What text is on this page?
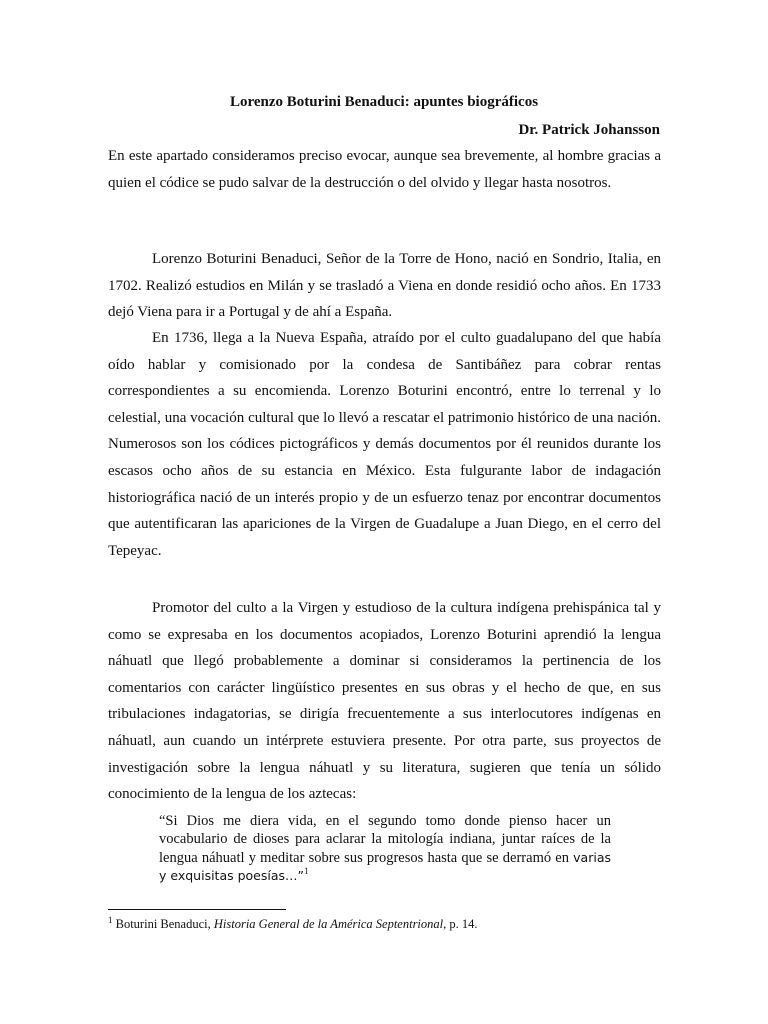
Lorenzo Boturini Benaduci: apuntes biográficos
Dr. Patrick Johansson
En este apartado consideramos preciso evocar, aunque sea brevemente, al hombre gracias a quien el códice se pudo salvar de la destrucción o del olvido y llegar hasta nosotros.
Lorenzo Boturini Benaduci, Señor de la Torre de Hono, nació en Sondrio, Italia, en 1702. Realizó estudios en Milán y se trasladó a Viena en donde residió ocho años. En 1733 dejó Viena para ir a Portugal y de ahí a España.
En 1736, llega a la Nueva España, atraído por el culto guadalupano del que había oído hablar y comisionado por la condesa de Santibáñez para cobrar rentas correspondientes a su encomienda. Lorenzo Boturini encontró, entre lo terrenal y lo celestial, una vocación cultural que lo llevó a rescatar el patrimonio histórico de una nación. Numerosos son los códices pictográficos y demás documentos por él reunidos durante los escasos ocho años de su estancia en México. Esta fulgurante labor de indagación historiográfica nació de un interés propio y de un esfuerzo tenaz por encontrar documentos que autentificaran las apariciones de la Virgen de Guadalupe a Juan Diego, en el cerro del Tepeyac.
Promotor del culto a la Virgen y estudioso de la cultura indígena prehispánica tal y como se expresaba en los documentos acopiados, Lorenzo Boturini aprendió la lengua náhuatl que llegó probablemente a dominar si consideramos la pertinencia de los comentarios con carácter lingüístico presentes en sus obras y el hecho de que, en sus tribulaciones indagatorias, se dirigía frecuentemente a sus interlocutores indígenas en náhuatl, aun cuando un intérprete estuviera presente. Por otra parte, sus proyectos de investigación sobre la lengua náhuatl y su literatura, sugieren que tenía un sólido conocimiento de la lengua de los aztecas:
“Si Dios me diera vida, en el segundo tomo donde pienso hacer un vocabulario de dioses para aclarar la mitología indiana, juntar raíces de la lengua náhuatl y meditar sobre sus progresos hasta que se derramó en varias y exquisitas poesías…”$^1$
$^1$ Boturini Benaduci, Historia General de la América Septentrional, p. 14.
